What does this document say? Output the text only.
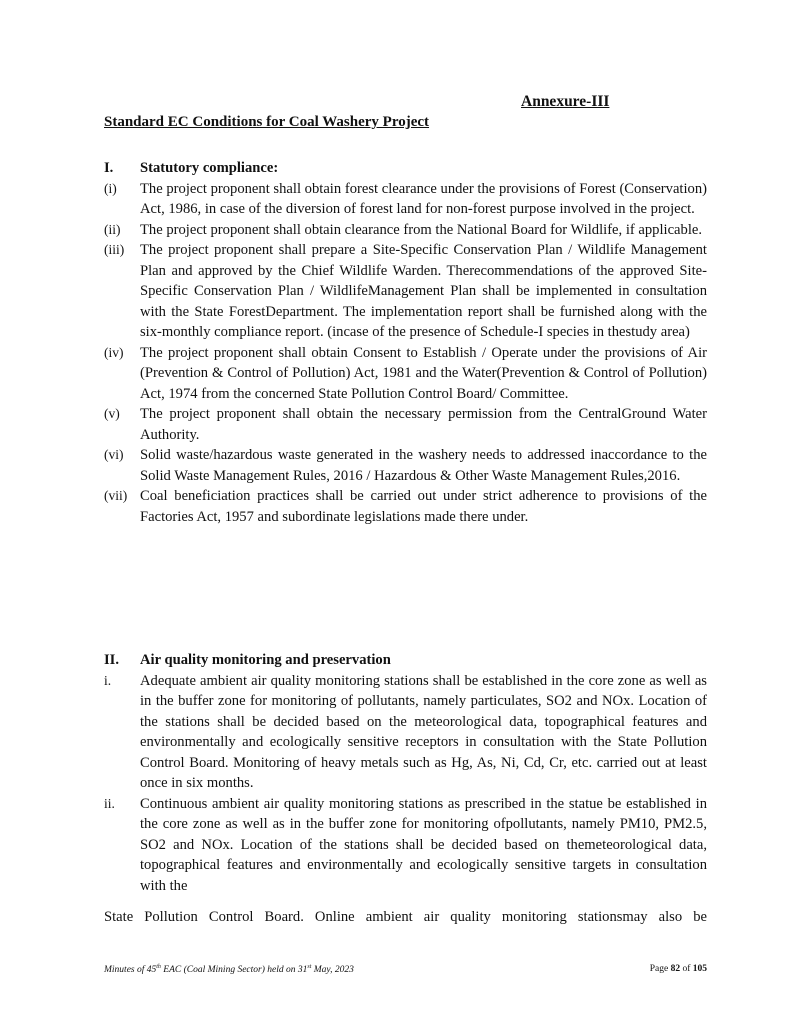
Annexure-III
Standard EC Conditions for Coal Washery Project
I.	Statutory compliance:
(i)	The project proponent shall obtain forest clearance under the provisions of Forest (Conservation) Act, 1986, in case of the diversion of forest land for non-forest purpose involved in the project.
(ii)	The project proponent shall obtain clearance from the National Board for Wildlife, if applicable.
(iii)	The project proponent shall prepare a Site-Specific Conservation Plan / Wildlife Management Plan and approved by the Chief Wildlife Warden. Therecommendations of the approved Site-Specific Conservation Plan / WildlifeManagement Plan shall be implemented in consultation with the State ForestDepartment. The implementation report shall be furnished along with the six-monthly compliance report. (incase of the presence of Schedule-I species in thestudy area)
(iv)	The project proponent shall obtain Consent to Establish / Operate under the provisions of Air (Prevention & Control of Pollution) Act, 1981 and the Water(Prevention & Control of Pollution) Act, 1974 from the concerned State Pollution Control Board/ Committee.
(v)	The project proponent shall obtain the necessary permission from the CentralGround Water Authority.
(vi)	Solid waste/hazardous waste generated in the washery needs to addressed inaccordance to the Solid Waste Management Rules, 2016 / Hazardous & Other Waste Management Rules,2016.
(vii) Coal beneficiation practices shall be carried out under strict adherence to provisions of the Factories Act, 1957 and subordinate legislations made there under.
II.	Air quality monitoring and preservation
i.	Adequate ambient air quality monitoring stations shall be established in the core zone as well as in the buffer zone for monitoring of pollutants, namely particulates, SO2 and NOx. Location of the stations shall be decided based on the meteorological data, topographical features and environmentally and ecologically sensitive receptors in consultation with the State Pollution Control Board. Monitoring of heavy metals such as Hg, As, Ni, Cd, Cr, etc. carried out at least once in six months.
ii.	Continuous ambient air quality monitoring stations as prescribed in the statue be established in the core zone as well as in the buffer zone for monitoring ofpollutants, namely PM10, PM2.5, SO2 and NOx. Location of the stations shall be decided based on themeteorological data, topographical features and environmentally and ecologically sensitive targets in consultation with the
State Pollution Control Board. Online ambient air quality monitoring stationsmay also be
Minutes of 45th EAC (Coal Mining Sector) held on 31st May, 2023	Page 82 of 105
